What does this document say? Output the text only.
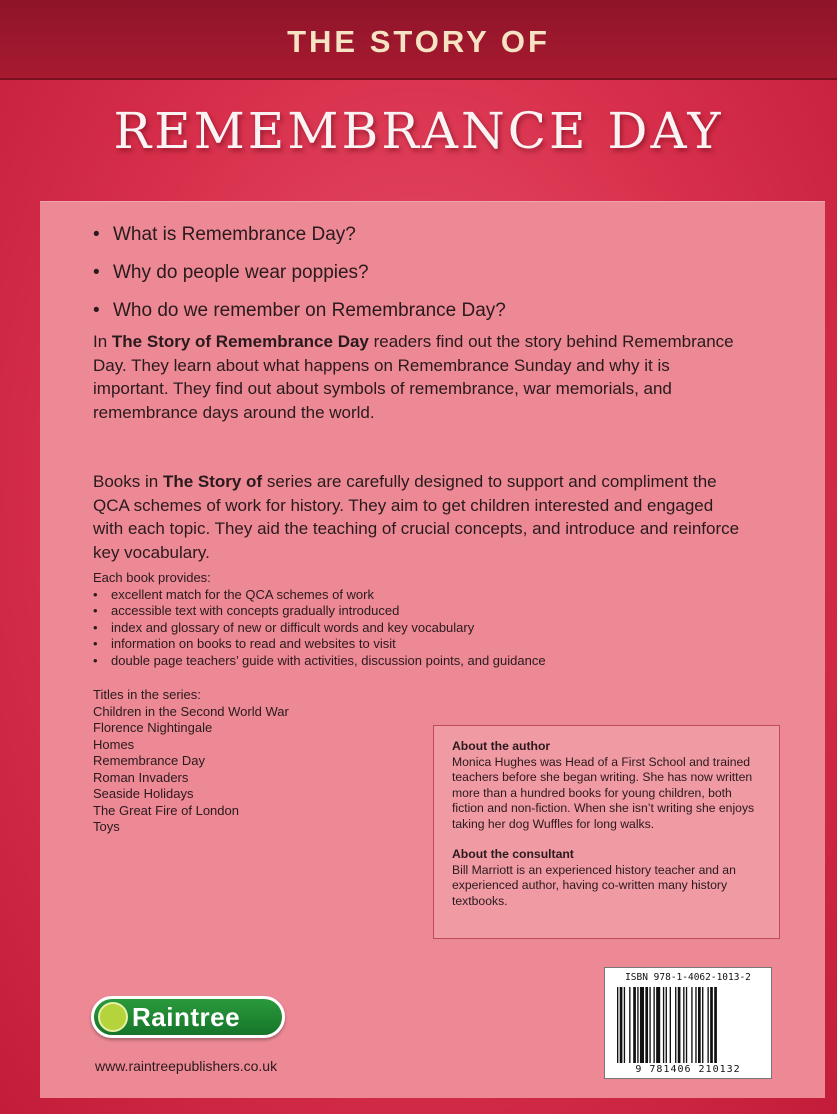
THE STORY OF
REMEMBRANCE DAY
• What is Remembrance Day?
• Why do people wear poppies?
• Who do we remember on Remembrance Day?

In The Story of Remembrance Day readers find out the story behind Remembrance Day. They learn about what happens on Remembrance Sunday and why it is important. They find out about symbols of remembrance, war memorials, and remembrance days around the world.

Books in The Story of series are carefully designed to support and compliment the QCA schemes of work for history. They aim to get children interested and engaged with each topic. They aid the teaching of crucial concepts, and introduce and reinforce key vocabulary.

Each book provides:
• excellent match for the QCA schemes of work
• accessible text with concepts gradually introduced
• index and glossary of new or difficult words and key vocabulary
• information on books to read and websites to visit
• double page teachers’ guide with activities, discussion points, and guidance
Titles in the series:
Children in the Second World War
Florence Nightingale
Homes
Remembrance Day
Roman Invaders
Seaside Holidays
The Great Fire of London
Toys
About the author
Monica Hughes was Head of a First School and trained teachers before she began writing. She has now written more than a hundred books for young children, both fiction and non-fiction. When she isn’t writing she enjoys taking her dog Wuffles for long walks.
About the consultant
Bill Marriott is an experienced history teacher and an experienced author, having co-written many history textbooks.
ISBN 978-1-4062-1013-2
9 781406 210132
Raintree
www.raintreepublishers.co.uk
